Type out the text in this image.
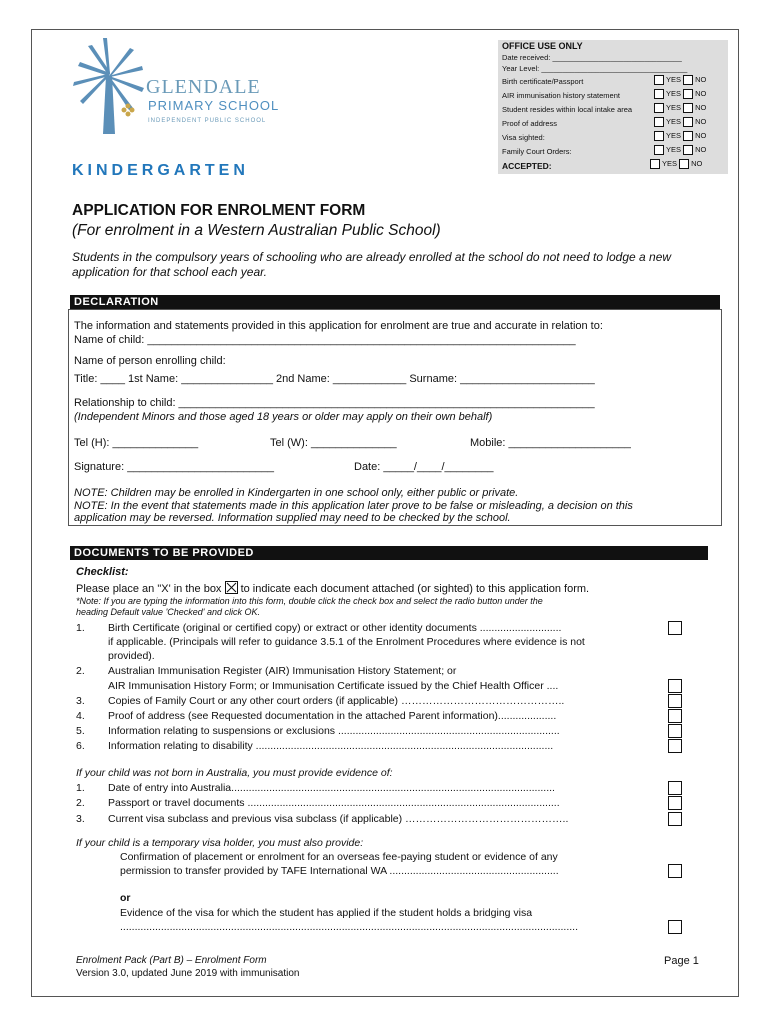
GLENDALE
PRIMARY SCHOOL
INDEPENDENT PUBLIC SCHOOL
KINDERGARTEN
OFFICE USE ONLY
Date received: _______________________________
Year Level: ___________________________________
Birth certificate/Passport	YES NO
AIR immunisation history statement	YES NO
Student resides within local intake area	YES NO
Proof of address	YES NO
Visa sighted:	YES NO
Family Court Orders:	YES NO
ACCEPTED:	YES NO
APPLICATION FOR ENROLMENT FORM
(For enrolment in a Western Australian Public School)
Students in the compulsory years of schooling who are already enrolled at the school do not need to lodge a new application for that school each year.
DECLARATION
The information and statements provided in this application for enrolment are true and accurate in relation to:
Name of child: ______________________________________________________________________
Name of person enrolling child:
Title: ____ 1st Name: _______________ 2nd Name: ____________ Surname: ______________________
Relationship to child: ____________________________________________________________________
(Independent Minors and those aged 18 years or older may apply on their own behalf)
Tel (H): ______________	Tel (W): ______________	Mobile: ____________________
Signature: ________________________	Date: _____/____/________
NOTE: Children may be enrolled in Kindergarten in one school only, either public or private.
NOTE: In the event that statements made in this application later prove to be false or misleading, a decision on this
application may be reversed. Information supplied may need to be checked by the school.
DOCUMENTS TO BE PROVIDED
Checklist:
Please place an "X' in the box to indicate each document attached (or sighted) to this application form.
*Note: If you are typing the information into this form, double click the check box and select the radio button under the
heading Default value 'Checked' and click OK.
1. Birth Certificate (original or certified copy) or extract or other identity documents ............................
if applicable. (Principals will refer to guidance 3.5.1 of the Enrolment Procedures where evidence is not
provided).
2. Australian Immunisation Register (AIR) Immunisation History Statement; or
AIR Immunisation History Form; or Immunisation Certificate issued by the Chief Health Officer ....
3. Copies of Family Court or any other court orders (if applicable) ………………………………………..
4. Proof of address (see Requested documentation in the attached Parent information)....................
5. Information relating to suspensions or exclusions ............................................................................
6. Information relating to disability ......................................................................................................
If your child was not born in Australia, you must provide evidence of:
1. Date of entry into Australia...............................................................................................................
2. Passport or travel documents ...........................................................................................................
3. Current visa subclass and previous visa subclass (if applicable) ………………………………………..
If your child is a temporary visa holder, you must also provide:
Confirmation of placement or enrolment for an overseas fee-paying student or evidence of any
permission to transfer provided by TAFE International WA ..........................................................
or
Evidence of the visa for which the student has applied if the student holds a bridging visa
.............................................................................................................................................................
Enrolment Pack (Part B) – Enrolment Form
Version 3.0, updated June 2019 with immunisation
Page 1
